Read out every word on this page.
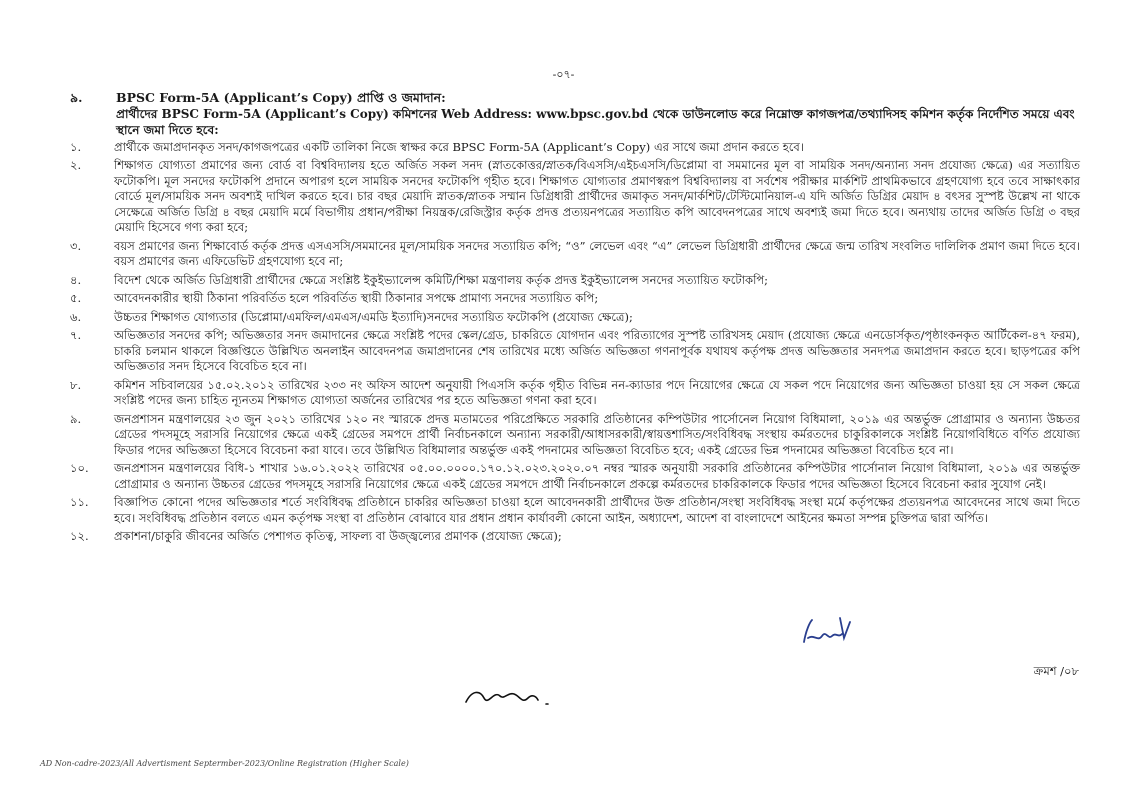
-০৭-
৯.	BPSC Form-5A (Applicant’s Copy) প্রাপ্তি ও জমাদান:
প্রার্থীদের BPSC Form-5A (Applicant’s Copy) কমিশনের Web Address: www.bpsc.gov.bd থেকে ডাউনলোড করে নিম্নোক্ত কাগজপত্র/তথ্যাদিসহ কমিশন কর্তৃক নির্দেশিত সময়ে এবং স্থানে জমা দিতে হবে:
১.	প্রার্থীকে জমাপ্রদানকৃত সনদ/কাগজপত্রের একটি তালিকা নিজে স্বাক্ষর করে BPSC Form-5A (Applicant’s Copy) এর সাথে জমা প্রদান করতে হবে।
২.	শিক্ষাগত যোগ্যতা প্রমাণের জন্য বোর্ড বা বিশ্ববিদ্যালয় হতে অর্জিত সকল সনদ (স্নাতকোত্তর/স্নাতক/বিএসসি/এইচএসসি/ডিপ্লোমা বা সমমানের মূল বা সাময়িক সনদ/অন্যান্য সনদ প্রযোজ্য ক্ষেত্রে) এর সত্যায়িত ফটোকপি। মূল সনদের ফটোকপি প্রদানে অপারগ হলে সাময়িক সনদের ফটোকপি গৃহীত হবে। শিক্ষাগত যোগ্যতার প্রমাণস্বরূপ বিশ্ববিদ্যালয় বা সর্বশেষ পরীক্ষার মার্কশিট প্রাথমিকভাবে গ্রহণযোগ্য হবে তবে সাক্ষাৎকার বোর্ডে মূল/সাময়িক সনদ অবশ্যই দাখিল করতে হবে। চার বছর মেয়াদি স্নাতক/স্নাতক সম্মান ডিগ্রিধারী প্রার্থীদের জমাকৃত সনদ/মার্কশিট/টেস্টিমোনিয়াল-এ যদি অর্জিত ডিগ্রির মেয়াদ ৪ বৎসর সুস্পষ্ট উল্লেখ না থাকে সেক্ষেত্রে অর্জিত ডিগ্রি ৪ বছর মেয়াদি মর্মে বিভাগীয় প্রধান/পরীক্ষা নিয়ন্ত্রক/রেজিস্ট্রার কর্তৃক প্রদত্ত প্রত্যয়নপত্রের সত্যায়িত কপি আবেদনপত্রের সাথে অবশ্যই জমা দিতে হবে। অন্যথায় তাদের অর্জিত ডিগ্রি ৩ বছর মেয়াদি হিসেবে গণ্য করা হবে;
৩.	বয়স প্রমাণের জন্য শিক্ষাবোর্ড কর্তৃক প্রদত্ত এসএসসি/সমমানের মূল/সাময়িক সনদের সত্যায়িত কপি; “ও” লেভেল এবং “এ” লেভেল ডিগ্রিধারী প্রার্থীদের ক্ষেত্রে জন্ম তারিখ সংবলিত দালিলিক প্রমাণ জমা দিতে হবে। বয়স প্রমাণের জন্য এফিডেভিট গ্রহণযোগ্য হবে না;
৪.	বিদেশ থেকে অর্জিত ডিগ্রিধারী প্রার্থীদের ক্ষেত্রে সংশ্লিষ্ট ইকুইভ্যালেন্স কমিটি/শিক্ষা মন্ত্রণালয় কর্তৃক প্রদত্ত ইকুইভ্যালেন্স সনদের সত্যায়িত ফটোকপি;
৫.	আবেদনকারীর স্থায়ী ঠিকানা পরিবর্তিত হলে পরিবর্তিত স্থায়ী ঠিকানার সপক্ষে প্রামাণ্য সনদের সত্যায়িত কপি;
৬.	উচ্চতর শিক্ষাগত যোগ্যতার (ডিপ্লোমা/এমফিল/এমএস/এমডি ইত্যাদি)সনদের সত্যায়িত ফটোকপি (প্রযোজ্য ক্ষেত্রে);
৭.	অভিজ্ঞতার সনদের কপি; অভিজ্ঞতার সনদ জমাদানের ক্ষেত্রে সংশ্লিষ্ট পদের স্কেল/গ্রেড, চাকরিতে যোগদান এবং পরিত্যাগের সুস্পষ্ট তারিখসহ মেয়াদ (প্রযোজ্য ক্ষেত্রে এনডোর্সকৃত/পৃষ্ঠাংকনকৃত আর্টিকেল-৪৭ ফরম), চাকরি চলমান থাকলে বিজ্ঞপ্তিতে উল্লিখিত অনলাইন আবেদনপত্র জমাপ্রদানের শেষ তারিখের মধ্যে অর্জিত অভিজ্ঞতা গণনাপূর্বক যথাযথ কর্তৃপক্ষ প্রদত্ত অভিজ্ঞতার সনদপত্র জমাপ্রদান করতে হবে। ছাড়পত্রের কপি অভিজ্ঞতার সনদ হিসেবে বিবেচিত হবে না।
৮.	কমিশন সচিবালয়ের ১৫.০২.২০১২ তারিখের ২৩৩ নং অফিস আদেশ অনুযায়ী পিএসসি কর্তৃক গৃহীত বিভিন্ন নন-ক্যাডার পদে নিয়োগের ক্ষেত্রে যে সকল পদে নিয়োগের জন্য অভিজ্ঞতা চাওয়া হয় সে সকল ক্ষেত্রে সংশ্লিষ্ট পদের জন্য চাহিত ন্যূনতম শিক্ষাগত যোগ্যতা অর্জনের তারিখের পর হতে অভিজ্ঞতা গণনা করা হবে।
৯.	জনপ্রশাসন মন্ত্রণালয়ের ২৩ জুন ২০২১ তারিখের ১২০ নং স্মারকে প্রদত্ত মতামতের পরিপ্রেক্ষিতে সরকারি প্রতিষ্ঠানের কম্পিউটার পার্সোনেল নিয়োগ বিধিমালা, ২০১৯ এর অন্তর্ভুক্ত প্রোগ্রামার ও অন্যান্য উচ্চতর গ্রেডের পদসমূহে সরাসরি নিয়োগের ক্ষেত্রে একই গ্রেডের সমপদে প্রার্থী নির্বাচনকালে অন্যান্য সরকারী/আধাসরকারী/স্বায়ত্তশাসিত/সংবিধিবদ্ধ সংস্থায় কর্মরতদের চাকুরিকালকে সংশ্লিষ্ট নিয়োগবিধিতে বর্ণিত প্রযোজ্য ফিডার পদের অভিজ্ঞতা হিসেবে বিবেচনা করা যাবে। তবে উল্লিখিত বিধিমালার অন্তর্ভুক্ত একই পদনামের অভিজ্ঞতা বিবেচিত হবে; একই গ্রেডের ভিন্ন পদনামের অভিজ্ঞতা বিবেচিত হবে না।
১০.	জনপ্রশাসন মন্ত্রণালয়ের বিধি-১ শাখার ১৬.০১.২০২২ তারিখের ০৫.০০.০০০০.১৭০.১২.০২৩.২০২০.০৭ নম্বর স্মারক অনুযায়ী সরকারি প্রতিষ্ঠানের কম্পিউটার পার্সোনাল নিয়োগ বিধিমালা, ২০১৯ এর অন্তর্ভুক্ত প্রোগ্রামার ও অন্যান্য উচ্চতর গ্রেডের পদসমূহে সরাসরি নিয়োগের ক্ষেত্রে একই গ্রেডের সমপদে প্রার্থী নির্বাচনকালে প্রকল্পে কর্মরতদের চাকরিকালকে ফিডার পদের অভিজ্ঞতা হিসেবে বিবেচনা করার সুযোগ নেই।
১১.	বিজ্ঞাপিত কোনো পদের অভিজ্ঞতার শর্তে সংবিধিবদ্ধ প্রতিষ্ঠানে চাকরির অভিজ্ঞতা চাওয়া হলে আবেদনকারী প্রার্থীদের উক্ত প্রতিষ্ঠান/সংস্থা সংবিধিবদ্ধ সংস্থা মর্মে কর্তৃপক্ষের প্রত্যয়নপত্র আবেদনের সাথে জমা দিতে হবে। সংবিধিবদ্ধ প্রতিষ্ঠান বলতে এমন কর্তৃপক্ষ সংস্থা বা প্রতিষ্ঠান বোঝাবে যার প্রধান প্রধান কার্যাবলী কোনো আইন, অধ্যাদেশ, আদেশ বা বাংলাদেশে আইনের ক্ষমতা সম্পন্ন চুক্তিপত্র দ্বারা অর্পিত।
১২.	প্রকাশনা/চাকুরি জীবনের অর্জিত পেশাগত কৃতিত্ব, সাফল্য বা উজ্জ্বল্যের প্রমাণক (প্রযোজ্য ক্ষেত্রে);
ক্রমশ /০৮
AD Non-cadre-2023/All Advertisment Septermber-2023/Online Registration (Higher Scale)
